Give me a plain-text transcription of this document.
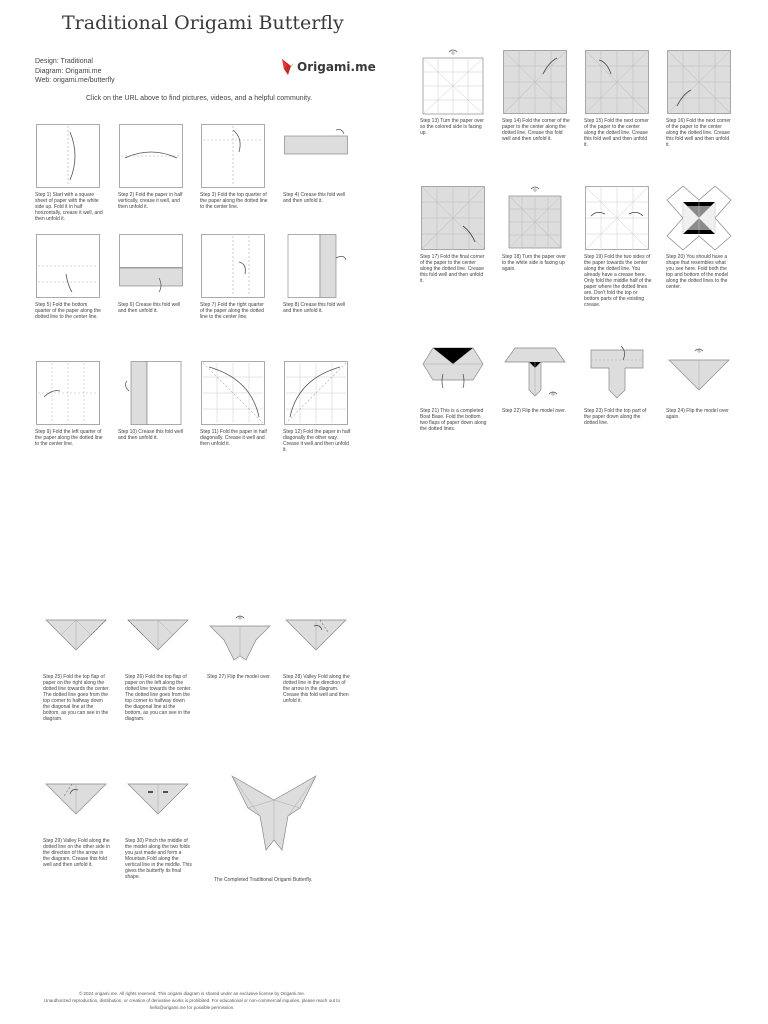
Traditional Origami Butterfly
Design: Traditional
Diagram: Origami.me
Web: origami.me/butterfly
Origami.me
Click on the URL above to find pictures, videos, and a helpful community.
Step 1) Start with a square sheet of paper with the white side up. Fold it in half horizontally, crease it well, and then unfold it.
Step 2) Fold the paper in half vertically, crease it well, and then unfold it.
Step 3) Fold the top quarter of the paper along the dotted line to the center line.
Step 4) Crease this fold well and then unfold it.
Step 5) Fold the bottom quarter of the paper along the dotted line to the center line.
Step 6) Crease this fold well and then unfold it.
Step 7) Fold the right quarter of the paper along the dotted line to the center line.
Step 8) Crease this fold well and then unfold it.
Step 9) Fold the left quarter of the paper along the dotted line to the center line.
Step 10) Crease this fold well and then unfold it.
Step 11) Fold the paper in half diagonally. Crease it well and then unfold it.
Step 12) Fold the paper in half diagonally the other way. Crease it well and then unfold it.
Step 13) Turn the paper over so the colored side is facing up.
Step 14) Fold the corner of the paper to the center along the dotted line. Crease this fold well and then unfold it.
Step 15) Fold the next corner of the paper to the center along the dotted line. Crease this fold well and then unfold it.
Step 16) Fold the next corner of the paper to the center along the dotted line. Crease this fold well and then unfold it.
Step 17) Fold the final corner of the paper to the center along the dotted line. Crease this fold well and then unfold it.
Step 18) Turn the paper over to the white side is facing up again.
Step 19) Fold the two sides of the paper towards the center along the dotted line. You already have a crease here. Only fold the middle half of the paper where the dotted lines are. Don't fold the top or bottom parts of the existing crease.
Step 20) You should have a shape that resembles what you see here. Fold both the top and bottom of the model along the dotted lines to the center.
Step 21) This is a completed Boat Base. Fold the bottom two flaps of paper down along the dotted lines.
Step 22) Flip the model over.	Step 23) Fold the top part of the paper down along the dotted line.
Step 24) Flip the model over again.
Step 25) Fold the top flap of paper on the right along the dotted line towards the center. The dotted line goes from the top corner to halfway down the diagonal line at the bottom, as you can see in the diagram.
Step 26) Fold the top flap of paper on the left along the dotted line towards the center. The dotted line goes from the top corner to halfway down the diagonal line at the bottom, as you can see in the diagram.
Step 27) Flip the model over.	Step 28) Valley Fold along the dotted line in the direction of the arrow in the diagram. Crease this fold well and then unfold it.
Step 29) Valley Fold along the dotted line on the other side in the direction of the arrow in the diagram. Crease this fold well and then unfold it.
Step 30) Pinch the middle of the model along the two folds you just made and form a Mountain Fold along the vertical line in the middle. This gives the butterfly its final shape.	The Completed Traditional Origami Butterfly.
© 2024 origami.me. All rights reserved. This origami diagram is shared under an exclusive license by Origami.me.
Unauthorized reproduction, distribution, or creation of derivative works is prohibited. For educational or non-commercial inquiries, please reach out to
hello@origami.me for possible permission.
